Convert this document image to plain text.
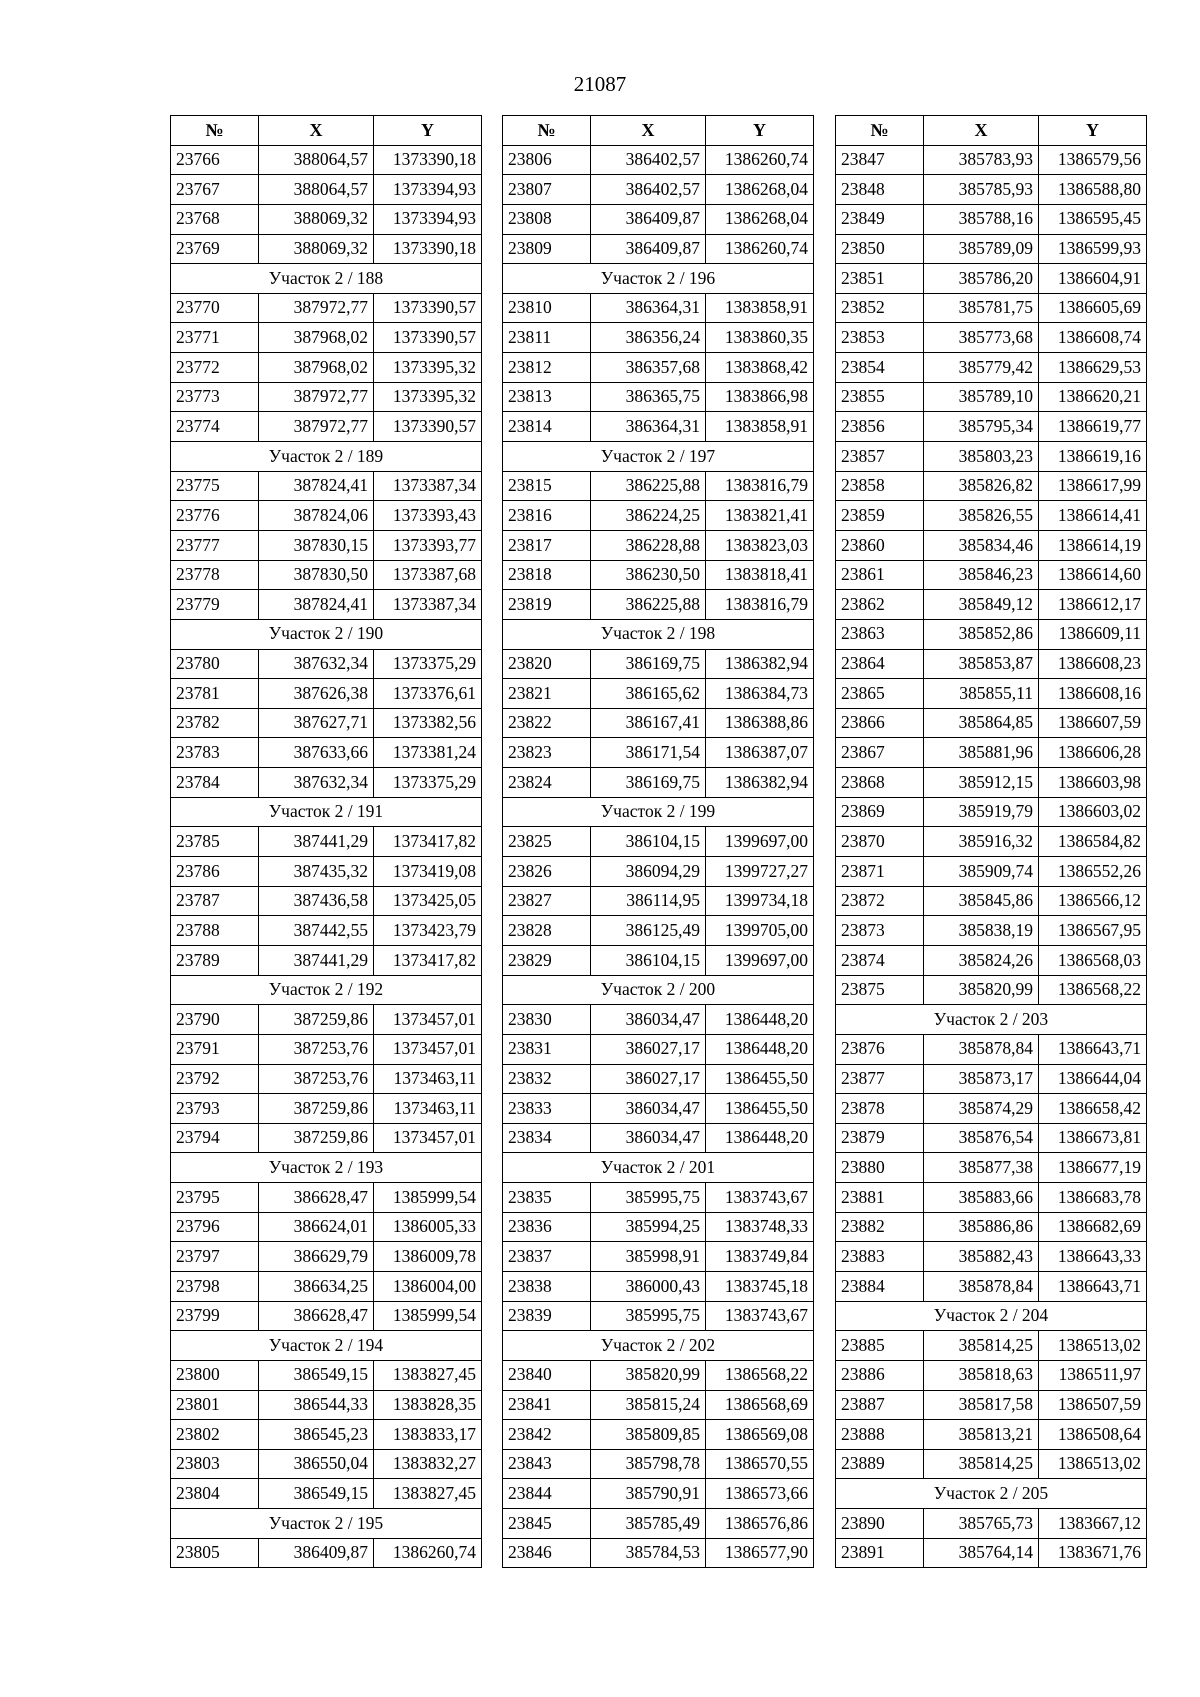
21087
№	X	Y
23766	388064,57	1373390,18
23767	388064,57	1373394,93
23768	388069,32	1373394,93
23769	388069,32	1373390,18
Участок 2 / 188		
23770	387972,77	1373390,57
23771	387968,02	1373390,57
23772	387968,02	1373395,32
23773	387972,77	1373395,32
23774	387972,77	1373390,57
Участок 2 / 189		
23775	387824,41	1373387,34
23776	387824,06	1373393,43
23777	387830,15	1373393,77
23778	387830,50	1373387,68
23779	387824,41	1373387,34
Участок 2 / 190		
23780	387632,34	1373375,29
23781	387626,38	1373376,61
23782	387627,71	1373382,56
23783	387633,66	1373381,24
23784	387632,34	1373375,29
Участок 2 / 191		
23785	387441,29	1373417,82
23786	387435,32	1373419,08
23787	387436,58	1373425,05
23788	387442,55	1373423,79
23789	387441,29	1373417,82
Участок 2 / 192		
23790	387259,86	1373457,01
23791	387253,76	1373457,01
23792	387253,76	1373463,11
23793	387259,86	1373463,11
23794	387259,86	1373457,01
Участок 2 / 193		
23795	386628,47	1385999,54
23796	386624,01	1386005,33
23797	386629,79	1386009,78
23798	386634,25	1386004,00
23799	386628,47	1385999,54
Участок 2 / 194		
23800	386549,15	1383827,45
23801	386544,33	1383828,35
23802	386545,23	1383833,17
23803	386550,04	1383832,27
23804	386549,15	1383827,45
Участок 2 / 195		
23805	386409,87	1386260,74
№	X	Y
23806	386402,57	1386260,74
23807	386402,57	1386268,04
23808	386409,87	1386268,04
23809	386409,87	1386260,74
Участок 2 / 196		
23810	386364,31	1383858,91
23811	386356,24	1383860,35
23812	386357,68	1383868,42
23813	386365,75	1383866,98
23814	386364,31	1383858,91
Участок 2 / 197		
23815	386225,88	1383816,79
23816	386224,25	1383821,41
23817	386228,88	1383823,03
23818	386230,50	1383818,41
23819	386225,88	1383816,79
Участок 2 / 198		
23820	386169,75	1386382,94
23821	386165,62	1386384,73
23822	386167,41	1386388,86
23823	386171,54	1386387,07
23824	386169,75	1386382,94
Участок 2 / 199		
23825	386104,15	1399697,00
23826	386094,29	1399727,27
23827	386114,95	1399734,18
23828	386125,49	1399705,00
23829	386104,15	1399697,00
Участок 2 / 200		
23830	386034,47	1386448,20
23831	386027,17	1386448,20
23832	386027,17	1386455,50
23833	386034,47	1386455,50
23834	386034,47	1386448,20
Участок 2 / 201		
23835	385995,75	1383743,67
23836	385994,25	1383748,33
23837	385998,91	1383749,84
23838	386000,43	1383745,18
23839	385995,75	1383743,67
Участок 2 / 202		
23840	385820,99	1386568,22
23841	385815,24	1386568,69
23842	385809,85	1386569,08
23843	385798,78	1386570,55
23844	385790,91	1386573,66
23845	385785,49	1386576,86
23846	385784,53	1386577,90
№	X	Y
23847	385783,93	1386579,56
23848	385785,93	1386588,80
23849	385788,16	1386595,45
23850	385789,09	1386599,93
23851	385786,20	1386604,91
23852	385781,75	1386605,69
23853	385773,68	1386608,74
23854	385779,42	1386629,53
23855	385789,10	1386620,21
23856	385795,34	1386619,77
23857	385803,23	1386619,16
23858	385826,82	1386617,99
23859	385826,55	1386614,41
23860	385834,46	1386614,19
23861	385846,23	1386614,60
23862	385849,12	1386612,17
23863	385852,86	1386609,11
23864	385853,87	1386608,23
23865	385855,11	1386608,16
23866	385864,85	1386607,59
23867	385881,96	1386606,28
23868	385912,15	1386603,98
23869	385919,79	1386603,02
23870	385916,32	1386584,82
23871	385909,74	1386552,26
23872	385845,86	1386566,12
23873	385838,19	1386567,95
23874	385824,26	1386568,03
23875	385820,99	1386568,22
Участок 2 / 203		
23876	385878,84	1386643,71
23877	385873,17	1386644,04
23878	385874,29	1386658,42
23879	385876,54	1386673,81
23880	385877,38	1386677,19
23881	385883,66	1386683,78
23882	385886,86	1386682,69
23883	385882,43	1386643,33
23884	385878,84	1386643,71
Участок 2 / 204		
23885	385814,25	1386513,02
23886	385818,63	1386511,97
23887	385817,58	1386507,59
23888	385813,21	1386508,64
23889	385814,25	1386513,02
Участок 2 / 205		
23890	385765,73	1383667,12
23891	385764,14	1383671,76
